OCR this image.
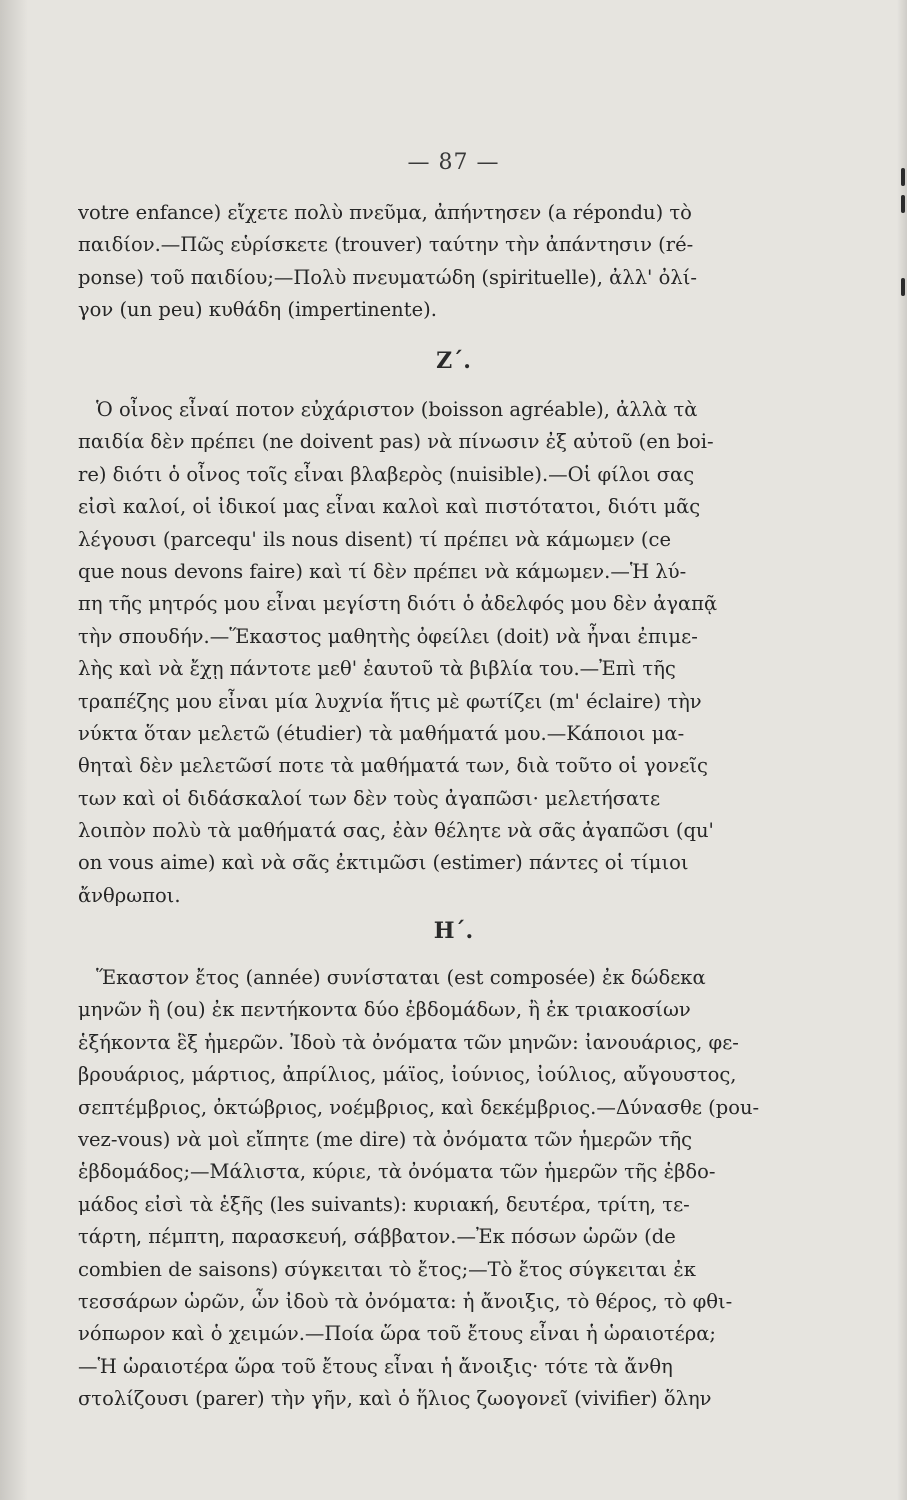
— 87 —
votre enfance) εἴχετε πολὺ πνεῦμα, ἀπήντησεν (a répondu) τὸ
παιδίον.—Πῶς εὑρίσκετε (trouver) ταύτην τὴν ἀπάντησιν (ré-
ponse) τοῦ παιδίου;—Πολὺ πνευματώδη (spirituelle), ἀλλ' ὀλί-
γον (un peu) κυθάδη (impertinente).
Ζ΄.
Ὁ οἶνος εἶναί ποτον εὐχάριστον (boisson agréable), ἀλλὰ τὰ
παιδία δὲν πρέπει (ne doivent pas) νὰ πίνωσιν ἐξ αὐτοῦ (en boi-
re) διότι ὁ οἶνος τοῖς εἶναι βλαβερὸς (nuisible).—Οἱ φίλοι σας
εἰσὶ καλοί, οἱ ἰδικοί μας εἶναι καλοὶ καὶ πιστότατοι, διότι μᾶς
λέγουσι (parcequ' ils nous disent) τί πρέπει νὰ κάμωμεν (ce
que nous devons faire) καὶ τί δὲν πρέπει νὰ κάμωμεν.—Ἡ λύ-
πη τῆς μητρός μου εἶναι μεγίστη διότι ὁ ἀδελφός μου δὲν ἀγαπᾷ
τὴν σπουδήν.—Ἕκαστος μαθητὴς ὀφείλει (doit) νὰ ἦναι ἐπιμε-
λὴς καὶ νὰ ἔχῃ πάντοτε μεθ' ἑαυτοῦ τὰ βιβλία του.—Ἐπὶ τῆς
τραπέζης μου εἶναι μία λυχνία ἥτις μὲ φωτίζει (m' éclaire) τὴν
νύκτα ὅταν μελετῶ (étudier) τὰ μαθήματά μου.—Κάποιοι μα-
θηταὶ δὲν μελετῶσί ποτε τὰ μαθήματά των, διὰ τοῦτο οἱ γονεῖς
των καὶ οἱ διδάσκαλοί των δὲν τοὺς ἀγαπῶσι· μελετήσατε
λοιπὸν πολὺ τὰ μαθήματά σας, ἐὰν θέλητε νὰ σᾶς ἀγαπῶσι (qu'
on vous aime) καὶ νὰ σᾶς ἐκτιμῶσι (estimer) πάντες οἱ τίμιοι
ἄνθρωποι.
Η΄.
Ἕκαστον ἔτος (année) συνίσταται (est composée) ἐκ δώδεκα
μηνῶν ἢ (ou) ἐκ πεντήκοντα δύο ἑβδομάδων, ἢ ἐκ τριακοσίων
ἑξήκοντα ἓξ ἡμερῶν. Ἰδοὺ τὰ ὀνόματα τῶν μηνῶν: ἰανουάριος, φε-
βρουάριος, μάρτιος, ἀπρίλιος, μάϊος, ἰούνιος, ἰούλιος, αὔγουστος,
σεπτέμβριος, ὀκτώβριος, νοέμβριος, καὶ δεκέμβριος.—Δύνασθε (pou-
vez-vous) νὰ μοὶ εἴπητε (me dire) τὰ ὀνόματα τῶν ἡμερῶν τῆς
ἑβδομάδος;—Μάλιστα, κύριε, τὰ ὀνόματα τῶν ἡμερῶν τῆς ἑβδο-
μάδος εἰσὶ τὰ ἑξῆς (les suivants): κυριακή, δευτέρα, τρίτη, τε-
τάρτη, πέμπτη, παρασκευή, σάββατον.—Ἐκ πόσων ὡρῶν (de
combien de saisons) σύγκειται τὸ ἔτος;—Τὸ ἔτος σύγκειται ἐκ
τεσσάρων ὡρῶν, ὧν ἰδοὺ τὰ ὀνόματα: ἡ ἄνοιξις, τὸ θέρος, τὸ φθι-
νόπωρον καὶ ὁ χειμών.—Ποία ὥρα τοῦ ἔτους εἶναι ἡ ὡραιοτέρα;
—Ἡ ὡραιοτέρα ὥρα τοῦ ἔτους εἶναι ἡ ἄνοιξις· τότε τὰ ἄνθη
στολίζουσι (parer) τὴν γῆν, καὶ ὁ ἥλιος ζωογονεῖ (vivifier) ὅλην
